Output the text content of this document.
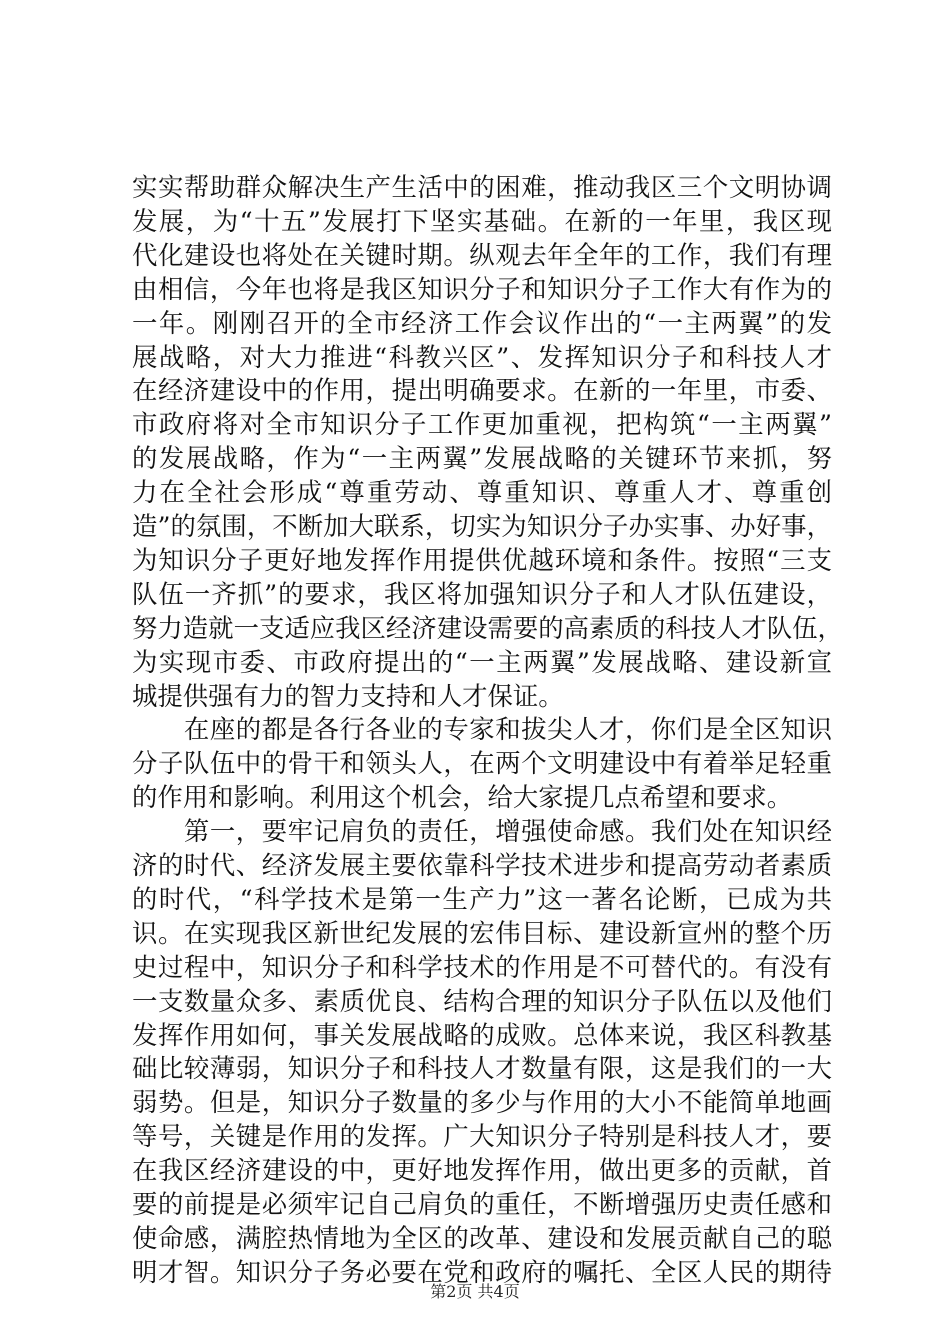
实实帮助群众解决生产生活中的困难，推动我区三个文明协调
发展，为“十五”发展打下坚实基础。在新的一年里，我区现
代化建设也将处在关键时期。纵观去年全年的工作，我们有理
由相信，今年也将是我区知识分子和知识分子工作大有作为的
一年。刚刚召开的全市经济工作会议作出的“一主两翼”的发
展战略，对大力推进“科教兴区”、发挥知识分子和科技人才
在经济建设中的作用，提出明确要求。在新的一年里，市委、
市政府将对全市知识分子工作更加重视，把构筑“一主两翼”
的发展战略，作为“一主两翼”发展战略的关键环节来抓，努
力在全社会形成“尊重劳动、尊重知识、尊重人才、尊重创
造”的氛围，不断加大联系，切实为知识分子办实事、办好事，
为知识分子更好地发挥作用提供优越环境和条件。按照“三支
队伍一齐抓”的要求，我区将加强知识分子和人才队伍建设，
努力造就一支适应我区经济建设需要的高素质的科技人才队伍，
为实现市委、市政府提出的“一主两翼”发展战略、建设新宣
城提供强有力的智力支持和人才保证。
　　在座的都是各行各业的专家和拔尖人才，你们是全区知识
分子队伍中的骨干和领头人，在两个文明建设中有着举足轻重
的作用和影响。利用这个机会，给大家提几点希望和要求。
　　第一，要牢记肩负的责任，增强使命感。我们处在知识经
济的时代、经济发展主要依靠科学技术进步和提高劳动者素质
的时代，“科学技术是第一生产力”这一著名论断，已成为共
识。在实现我区新世纪发展的宏伟目标、建设新宣州的整个历
史过程中，知识分子和科学技术的作用是不可替代的。有没有
一支数量众多、素质优良、结构合理的知识分子队伍以及他们
发挥作用如何，事关发展战略的成败。总体来说，我区科教基
础比较薄弱，知识分子和科技人才数量有限，这是我们的一大
弱势。但是，知识分子数量的多少与作用的大小不能简单地画
等号，关键是作用的发挥。广大知识分子特别是科技人才，要
在我区经济建设的中，更好地发挥作用，做出更多的贡献，首
要的前提是必须牢记自己肩负的重任，不断增强历史责任感和
使命感，满腔热情地为全区的改革、建设和发展贡献自己的聪
明才智。知识分子务必要在党和政府的嘱托、全区人民的期待
第2页 共4页
